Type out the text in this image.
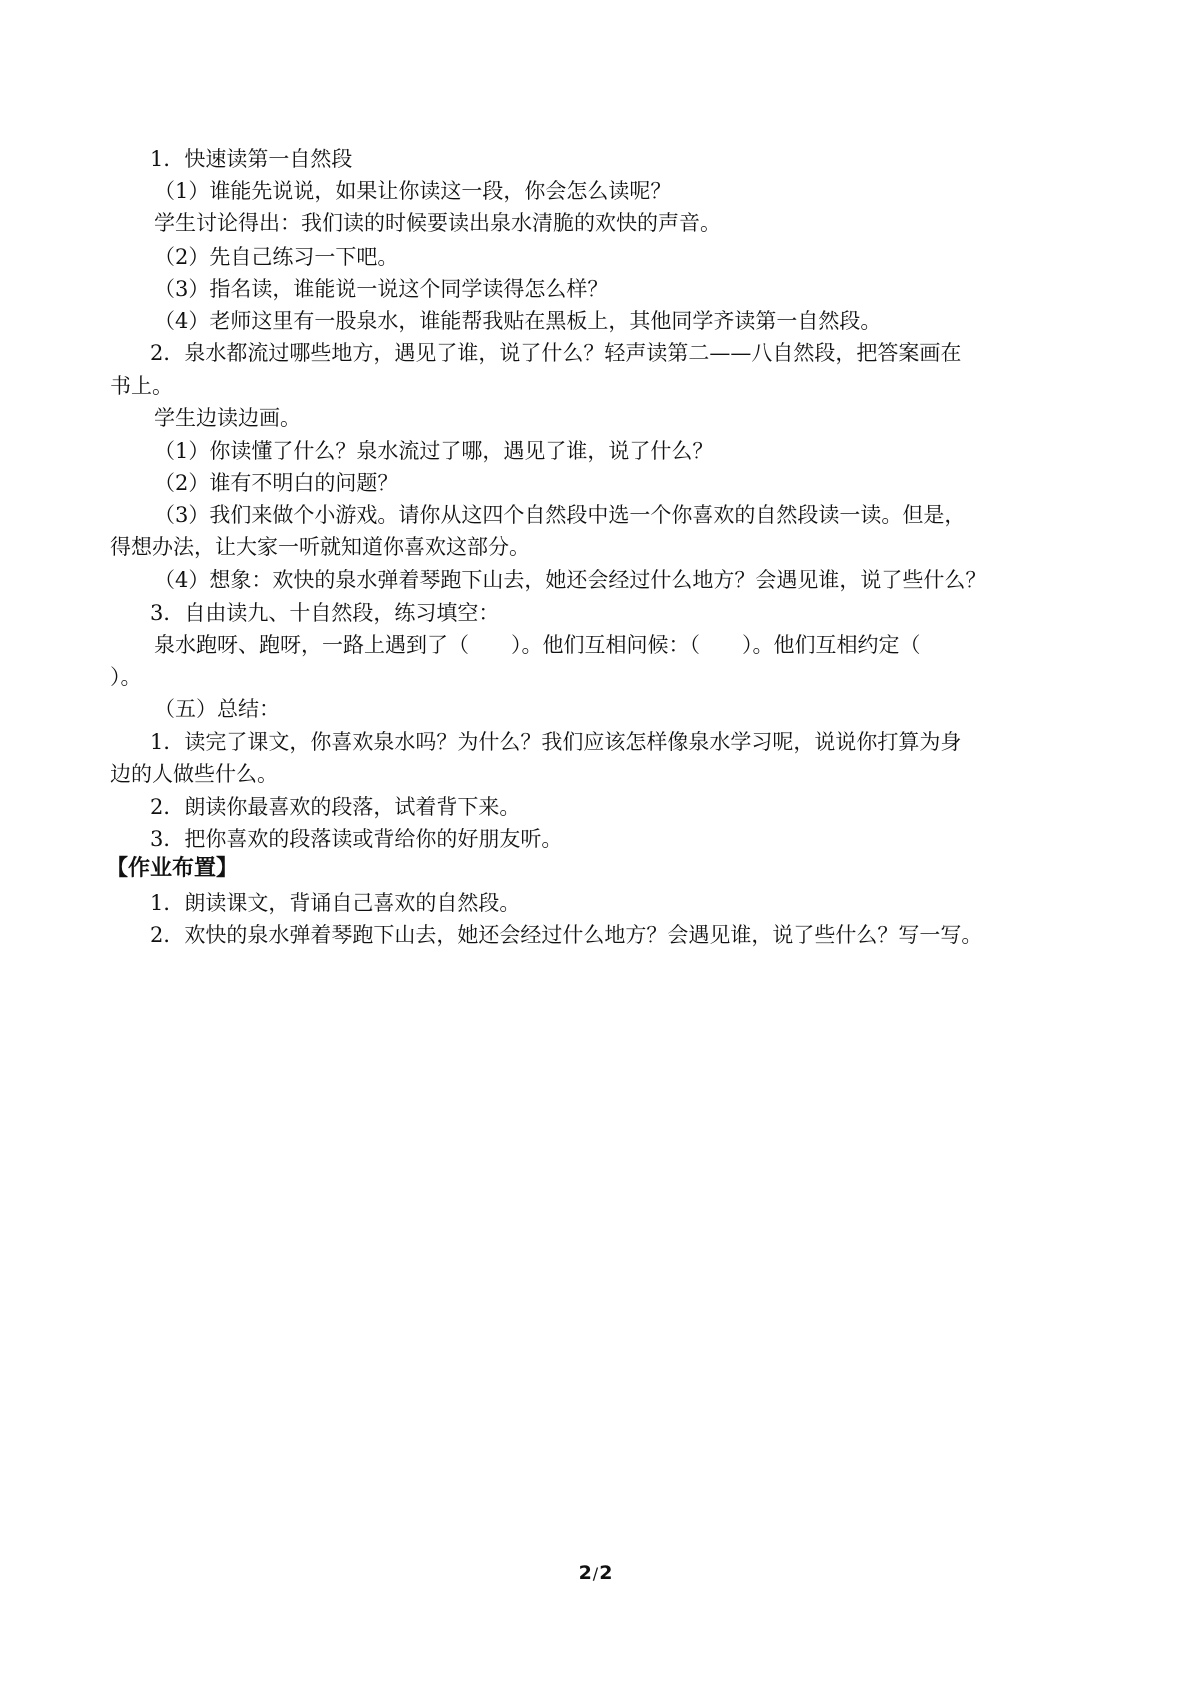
1．快速读第一自然段
（1）谁能先说说，如果让你读这一段，你会怎么读呢？
学生讨论得出：我们读的时候要读出泉水清脆的欢快的声音。
（2）先自己练习一下吧。
（3）指名读，谁能说一说这个同学读得怎么样？
（4）老师这里有一股泉水，谁能帮我贴在黑板上，其他同学齐读第一自然段。
2．泉水都流过哪些地方，遇见了谁，说了什么？轻声读第二——八自然段，把答案画在
书上。
学生边读边画。
（1）你读懂了什么？泉水流过了哪，遇见了谁，说了什么？
（2）谁有不明白的问题？
（3）我们来做个小游戏。请你从这四个自然段中选一个你喜欢的自然段读一读。但是，
得想办法，让大家一听就知道你喜欢这部分。
（4）想象：欢快的泉水弹着琴跑下山去，她还会经过什么地方？会遇见谁，说了些什么？
3．自由读九、十自然段，练习填空：
泉水跑呀、跑呀，一路上遇到了（　　）。他们互相问候：（　　）。他们互相约定（
）。
（五）总结：
1．读完了课文，你喜欢泉水吗？为什么？我们应该怎样像泉水学习呢，说说你打算为身
边的人做些什么。
2．朗读你最喜欢的段落，试着背下来。
3．把你喜欢的段落读或背给你的好朋友听。
【作业布置】
1．朗读课文，背诵自己喜欢的自然段。
2．欢快的泉水弹着琴跑下山去，她还会经过什么地方？会遇见谁，说了些什么？写一写。
2/2
